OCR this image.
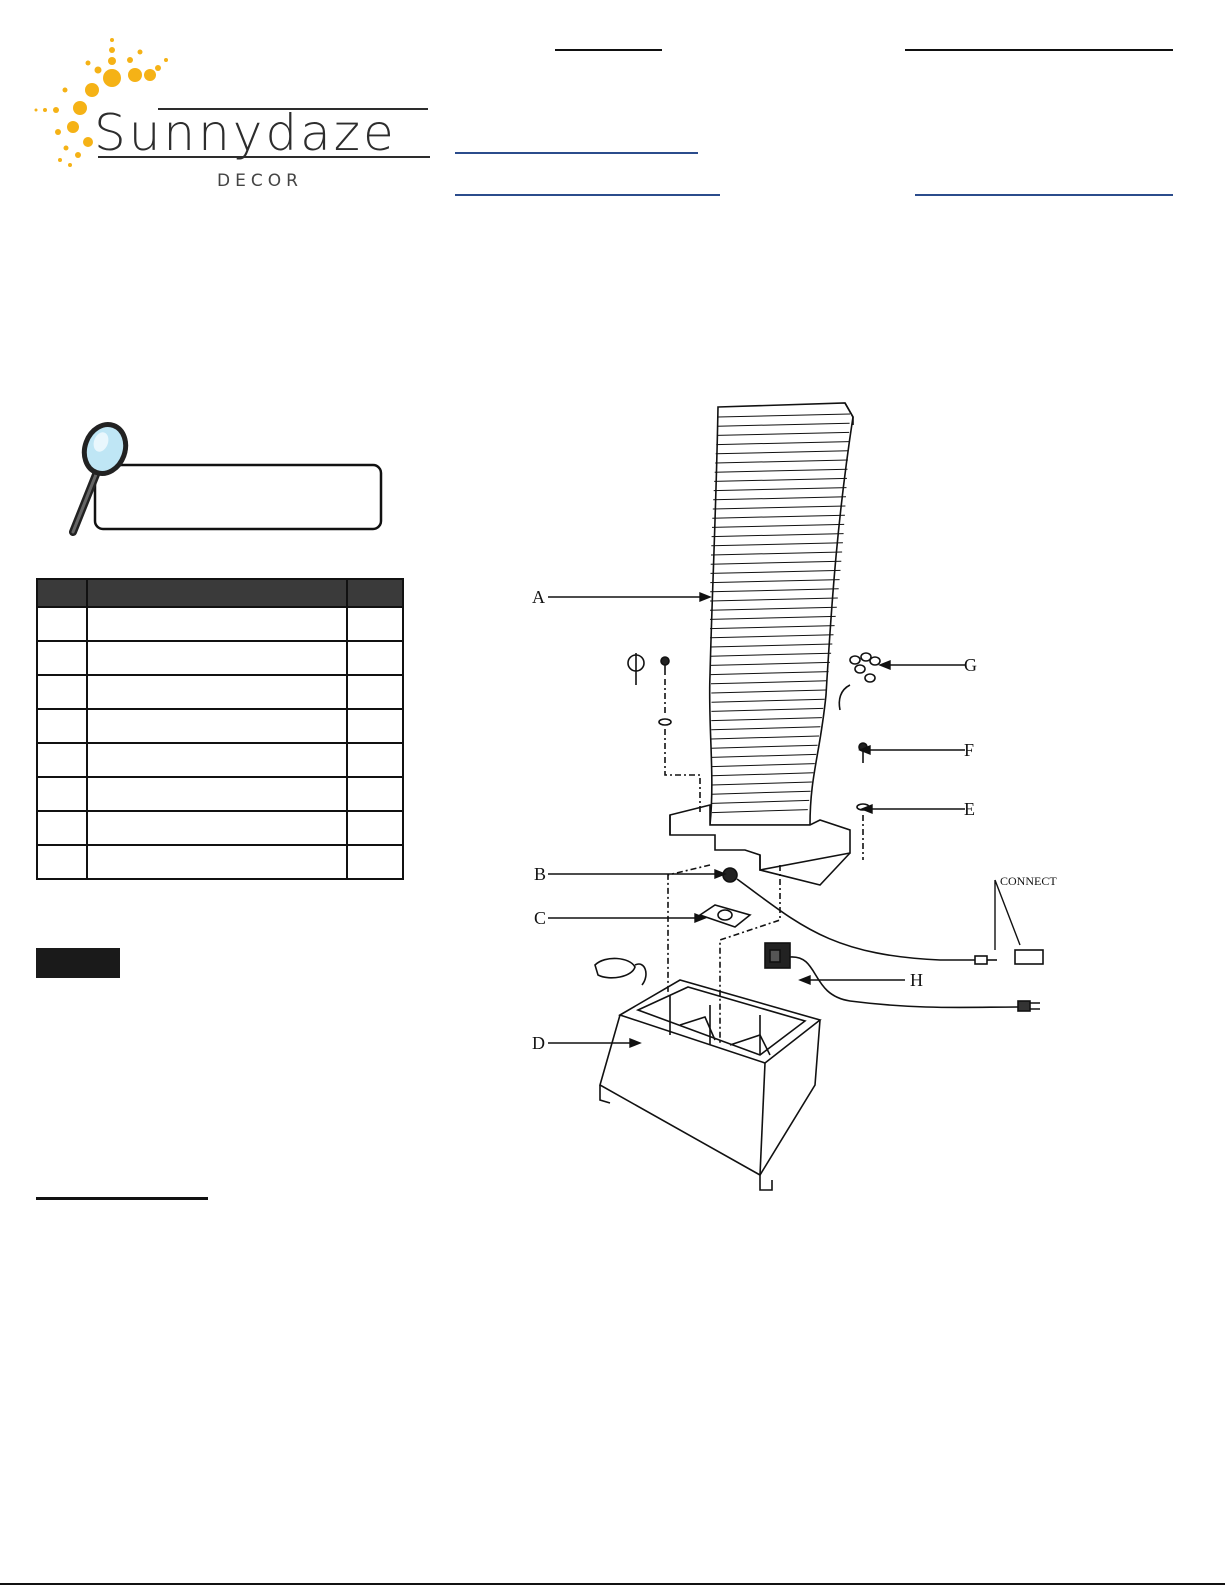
Sunnydaze
DECOR

A
B
C
D
E
F
G
H
CONNECT
